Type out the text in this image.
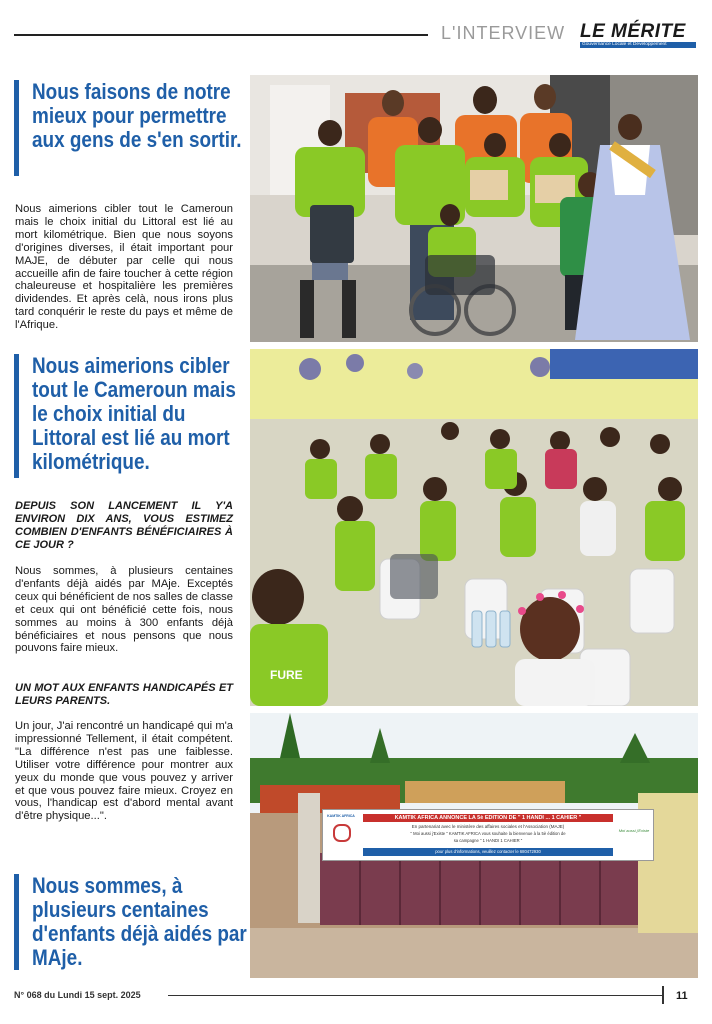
L'INTERVIEW LE MÉRITE
Gouvernance Locale et Développement
Nous faisons de notre mieux pour permettre aux gens de s'en sortir.
Nous aimerions cibler tout le Cameroun mais le choix initial du Littoral est lié au mort kilométrique. Bien que nous soyons d'origines diverses, il était important pour MAJE, de débuter par celle qui nous accueille afin de faire toucher à cette région chaleureuse et hospitalière les premières dividendes. Et après celà, nous irons plus tard conquérir le reste du pays et même de l'Afrique.
Nous aimerions cibler tout le Cameroun mais le choix initial du Littoral est lié au mort kilométrique.
DEPUIS SON LANCEMENT IL Y'A ENVIRON DIX ANS, VOUS ESTIMEZ COMBIEN D'ENFANTS BÉNÉFICIAIRES À CE JOUR ?
Nous sommes, à plusieurs centaines d'enfants déjà aidés par MAje. Exceptés ceux qui bénéficient de nos salles de classe et ceux qui ont bénéficié cette fois, nous sommes au moins à 300 enfants déjà bénéficiaires et nous pensons que nous pouvons faire mieux.
UN MOT AUX ENFANTS HANDICAPÉS ET LEURS PARENTS.
Un jour, J'ai rencontré un handicapé qui m'a impressionné Tellement, il était compétent. "La différence n'est pas une faiblesse. Utiliser votre différence pour montrer aux yeux du monde que vous pouvez y arriver et que vous pouvez faire mieux. Croyez en vous, l'handicap est d'abord mental avant d'être physique...".
Nous sommes, à plusieurs centaines d'enfants déjà aidés par MAje.
FURE
KAMTIK AFRICA	KAMTIK AFRICA ANNONCE LA 5è EDITION DE " 1 HANDI ... 1 CAHIER "
En partenariat avec le ministère des affaires sociales et l'Association (MAJE)
" Moi aussi j'Existe " KAMTIK AFRICA vous souhaite la bienvenue à la 5è édition de
sa campagne " 1 HANDI 1 CAHIER "
pour plus d'informations, veuillez contacter le 680472930
Moi aussi j'Existe
N° 068 du Lundi 15 sept. 2025	11
